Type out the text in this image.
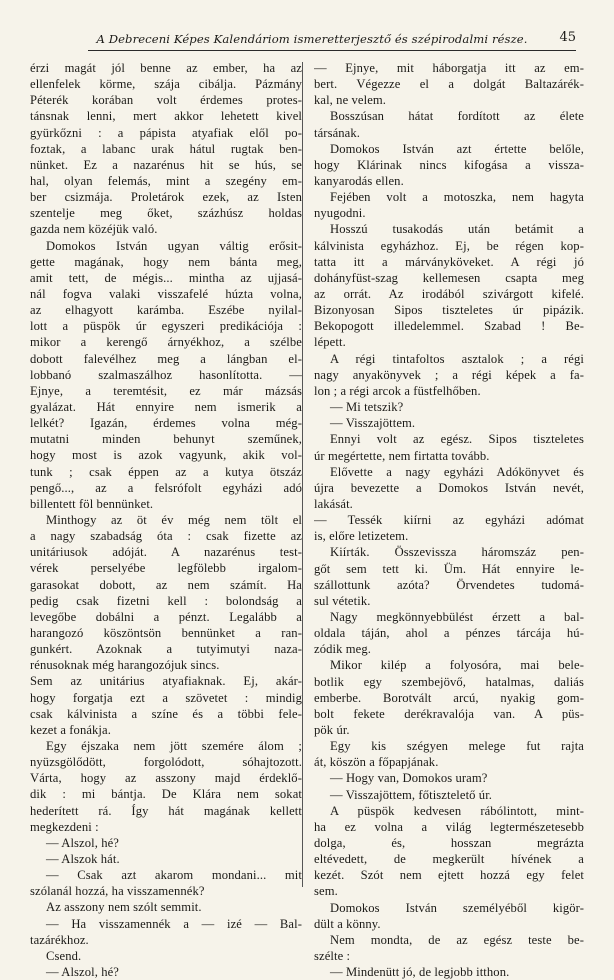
A Debreceni Képes Kalendáriom ismeretterjesztő és szépirodalmi része.	45
érzi magát jól benne az ember, ha az
ellenfelek körme, szája cibálja. Pázmány
Péterék korában volt érdemes protes-
tánsnak lenni, mert akkor lehetett kivel
gyürkőzni : a pápista atyafiak elől po-
foztak, a labanc urak hátul rugtak ben-
nünket. Ez a nazarénus hit se hús, se
hal, olyan felemás, mint a szegény em-
ber csizmája. Proletárok ezek, az Isten
szentelje meg őket, százhúsz holdas
gazda nem közéjük való.
Domokos István ugyan váltig erősit-
gette magának, hogy nem bánta meg,
amit tett, de mégis... mintha az ujjasá-
nál fogva valaki visszafelé húzta volna,
az elhagyott karámba. Eszébe nyilal-
lott a püspök úr egyszeri predikációja :
mikor a kerengő árnyékhoz, a szélbe
dobott falevélhez meg a lángban el-
lobbanó szalmaszálhoz hasonlította. —
Ejnye, a teremtésit, ez már mázsás
gyalázat. Hát ennyire nem ismerik a
lelkét? Igazán, érdemes volna még-
mutatni minden behunyt szeműnek,
hogy most is azok vagyunk, akik vol-
tunk ; csak éppen az a kutya ötszáz
pengő..., az a felsrófolt egyházi adó
billentett föl bennünket.
Minthogy az öt év még nem tölt el
a nagy szabadság óta : csak fizette az
unitáriusok adóját. A nazarénus test-
vérek perselyébe legfölebb irgalom-
garasokat dobott, az nem számít. Ha
pedig csak fizetni kell : bolondság a
levegőbe dobálni a pénzt. Legalább a
harangozó köszöntsön bennünket a ran-
gunkért. Azoknak a tutyimutyi naza-
rénusoknak még harangozójuk sincs.
Sem az unitárius atyafiaknak. Ej, akár-
hogy forgatja ezt a szövetet : mindig
csak kálvinista a színe és a többi fele-
kezet a fonákja.
Egy éjszaka nem jött szemére álom ;
nyüzsgölődött, forgolódott, sóhajtozott.
Várta, hogy az asszony majd érdeklő-
dik : mi bántja. De Klára nem sokat
hederített rá. Így hát magának kellett
megkezdeni :
— Alszol, hé?
— Alszok hát.
— Csak azt akarom mondani... mit
szólanál hozzá, ha visszamennék?
Az asszony nem szólt semmit.
— Ha visszamennék a — izé — Bal-
tazárékhoz.
Csend.
— Alszol, hé?
— Ejnye, mit háborgatja itt az em-
bert. Végezze el a dolgát Baltazárék-
kal, ne velem.
Bosszúsan hátat fordított az élete
társának.
Domokos István azt értette belőle,
hogy Klárinak nincs kifogása a vissza-
kanyarodás ellen.
Fejében volt a motoszka, nem hagyta
nyugodni.
Hosszú tusakodás után betámit a
kálvinista egyházhoz. Ej, be régen kop-
tatta itt a márványköveket. A régi jó
dohányfüst-szag kellemesen csapta meg
az orrát. Az irodából szivárgott kifelé.
Bizonyosan Sipos tiszteletes úr pipázik.
Bekopogott illedelemmel. Szabad ! Be-
lépett.
A régi tintafoltos asztalok ; a régi
nagy anyakönyvek ; a régi képek a fa-
lon ; a régi arcok a füstfelhőben.
— Mi tetszik?
— Visszajöttem.
Ennyi volt az egész. Sipos tiszteletes
úr megértette, nem firtatta tovább.
Elővette a nagy egyházi Adókönyvet és
újra bevezette a Domokos István nevét,
lakását.
— Tessék kiírni az egyházi adómat
is, előre letizetem.
Kiírták. Összevissza háromszáz pen-
gőt sem tett ki. Üm. Hát ennyire le-
szállottunk azóta? Örvendetes tudomá-
sul vétetik.
Nagy megkönnyebbülést érzett a bal-
oldala táján, ahol a pénzes tárcája hú-
zódik meg.
Mikor kilép a folyosóra, mai bele-
botlik egy szembejövő, hatalmas, daliás
emberbe. Borotvált arcú, nyakig gom-
bolt fekete derékravalója van. A püs-
pök úr.
Egy kis szégyen melege fut rajta
át, köszön a főpapjának.
— Hogy van, Domokos uram?
— Visszajöttem, főtisztelető úr.
A püspök kedvesen rábólintott, mint-
ha ez volna a világ legtermészetesebb
dolga, és, hosszan megrázta
eltévedett, de megkerült hívének a
kezét. Szót nem ejtett hozzá egy felet
sem.
Domokos István személyéből kigör-
dült a könny.
Nem mondta, de az egész teste be-
szélte :
— Mindenütt jó, de legjobb itthon.
